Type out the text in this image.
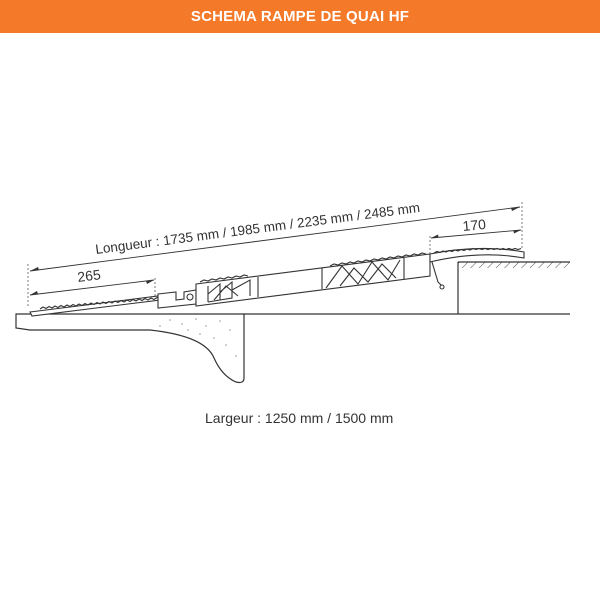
SCHEMA RAMPE DE QUAI HF
Longueur : 1735 mm / 1985 mm / 2235 mm / 2485 mm
265
170
Largeur : 1250 mm / 1500 mm
